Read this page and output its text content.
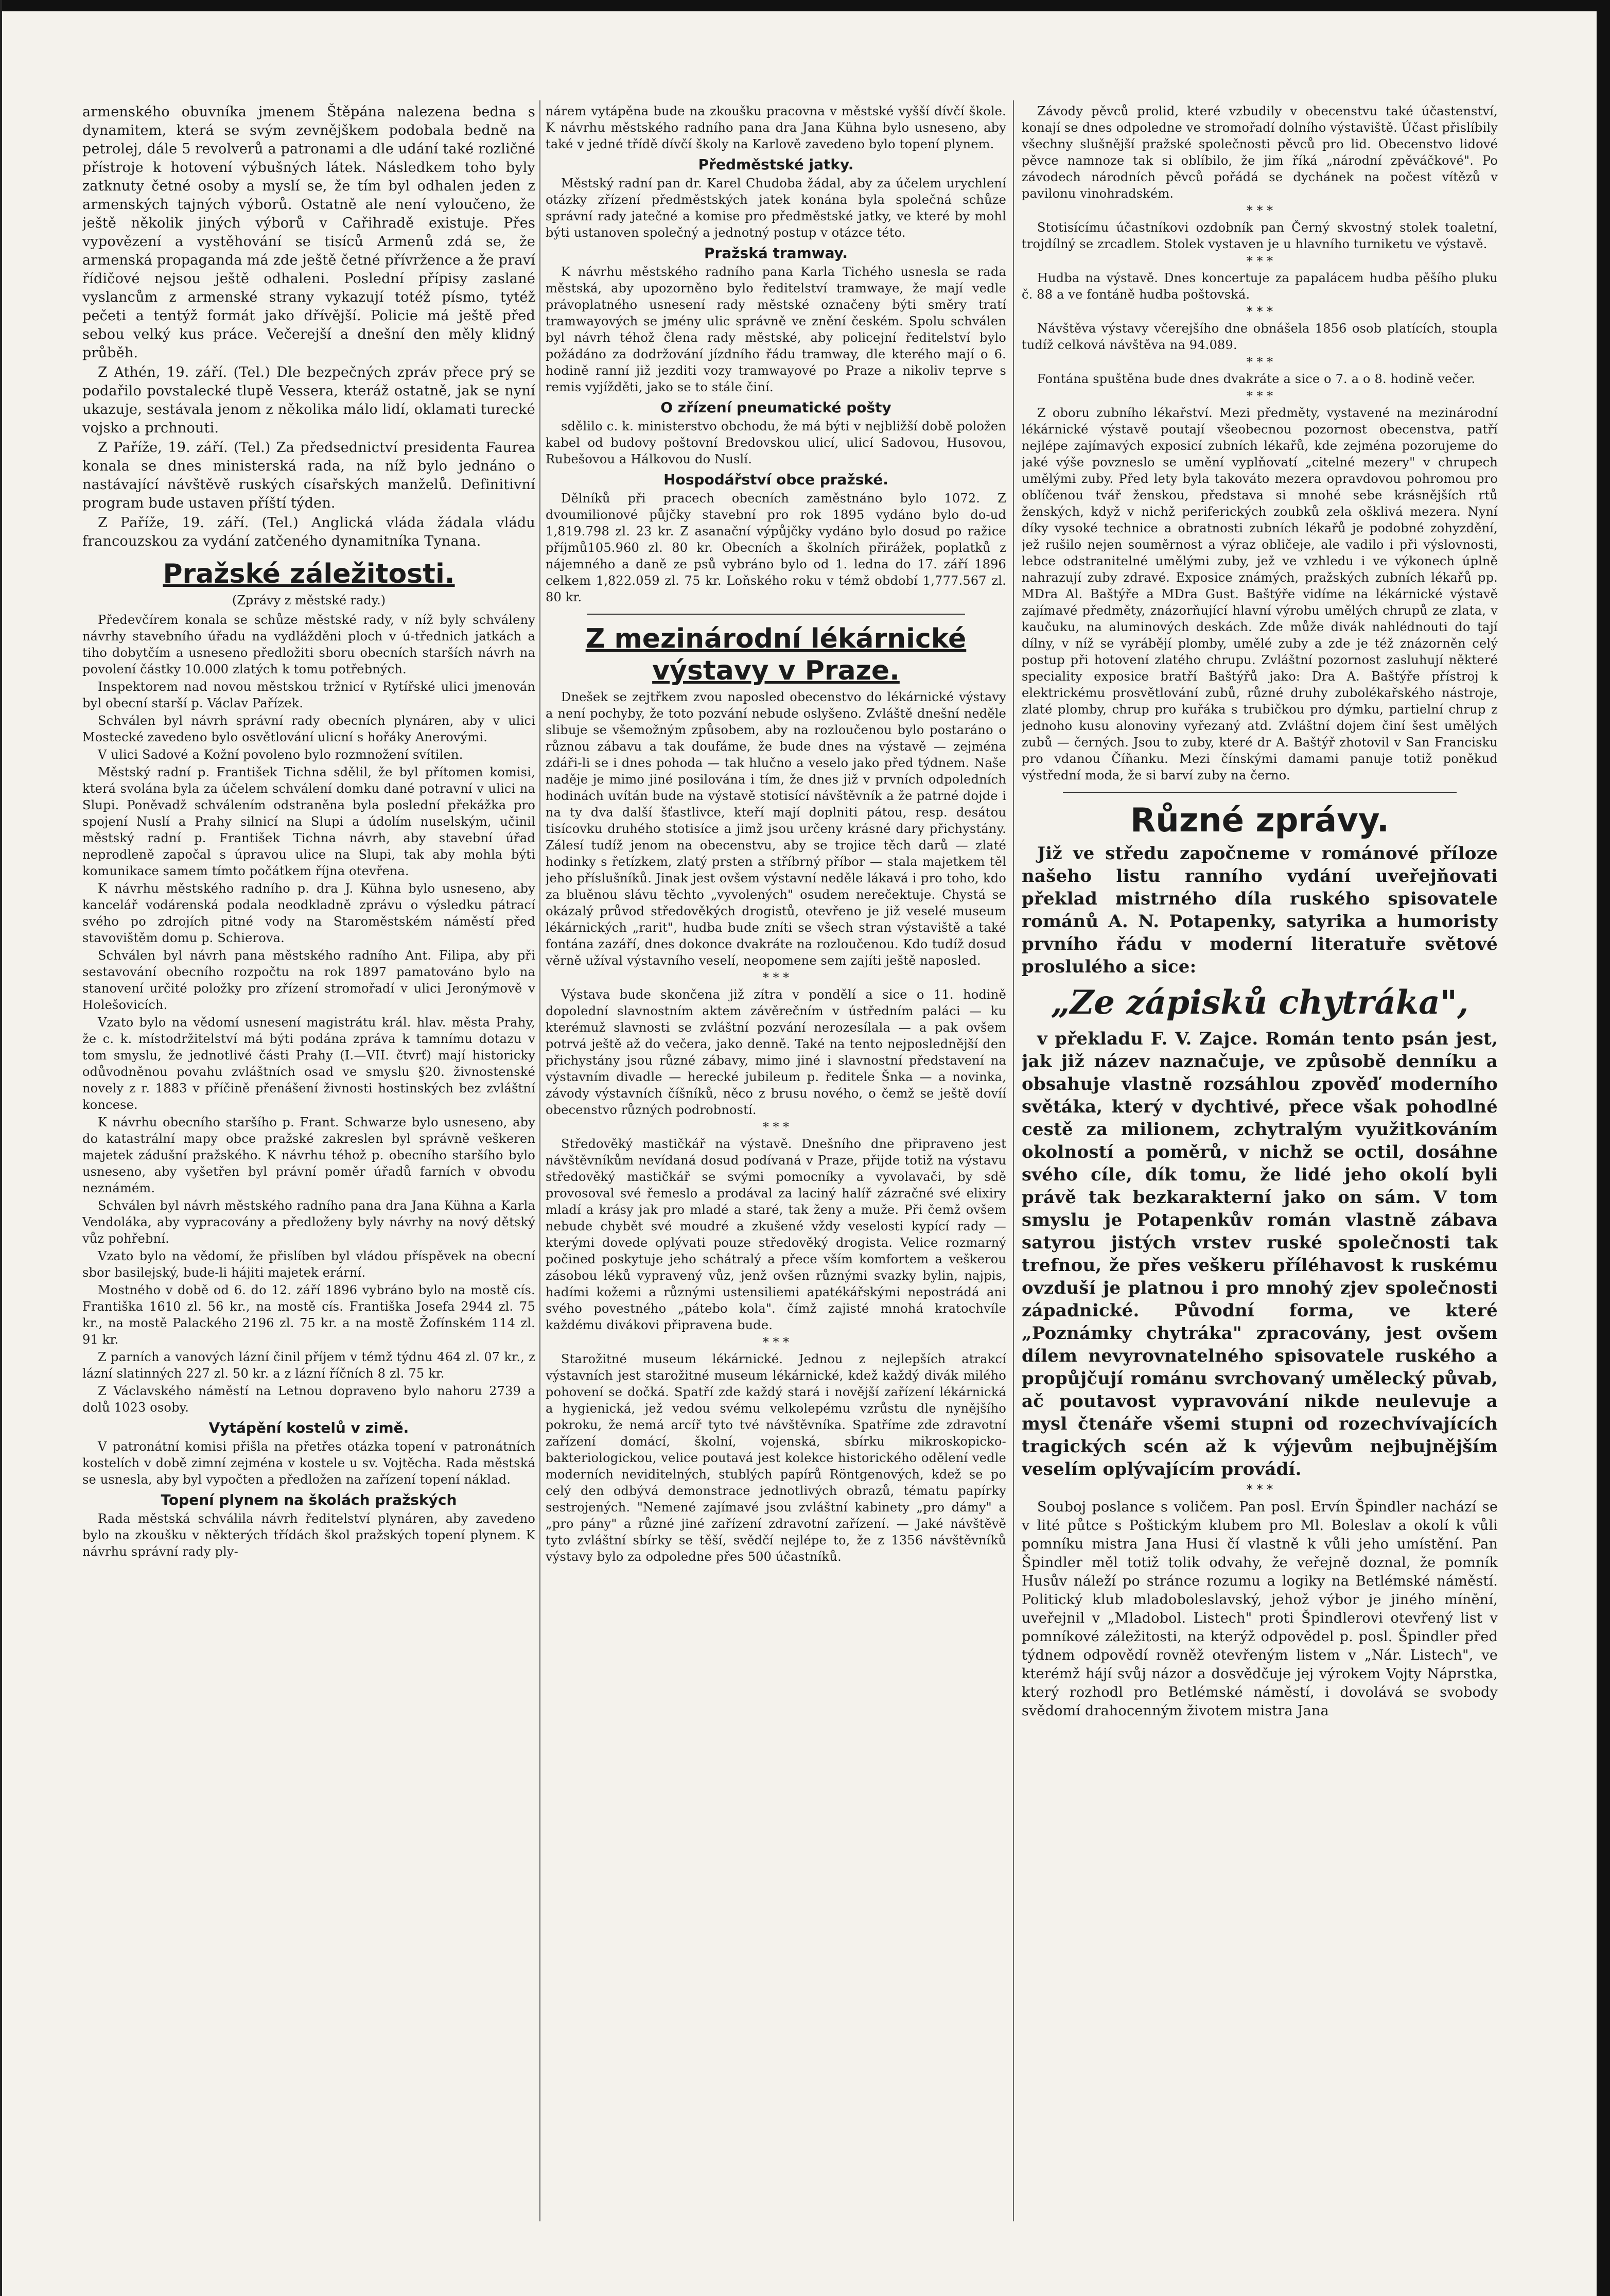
armenského obuvníka jmenem Štěpána nalezena bedna s dynamitem, která se svým zevnějškem podobala bedně na petrolej, dále 5 revolverů a patronami a dle udání také rozličné přístroje k hotovení výbušných látek. Následkem toho byly zatknuty četné osoby a myslí se, že tím byl odhalen jeden z armenských tajných výborů. Ostatně ale není vyloučeno, že ještě několik jiných výborů v Cařihradě existuje. Přes vypovězení a vystěhování se tisíců Armenů zdá se, že armenská propaganda má zde ještě četné přívržence a že praví řídičové nejsou ještě odhaleni. Poslední přípisy zaslané vyslancům z armenské strany vykazují totéž písmo, tytéž pečeti a tentýž formát jako dřívější. Policie má ještě před sebou velký kus práce. Večerejší a dnešní den měly klidný průběh.

Z Athén, 19. září. (Tel.) Dle bezpečných zpráv přece prý se podařilo povstalecké tlupě Vessera, kteráž ostatně, jak se nyní ukazuje, sestávala jenom z několika málo lidí, oklamati turecké vojsko a prchnouti.

Z Paříže, 19. září. (Tel.) Za předsednictví presidenta Faurea konala se dnes ministerská rada, na níž bylo jednáno o nastávající návštěvě ruských císařských manželů. Definitivní program bude ustaven příští týden.

Z Paříže, 19. září. (Tel.) Anglická vláda žádala vládu francouzskou za vydání zatčeného dynamitníka Tynana.

Pražské záležitosti.
(Zprávy z městské rady.)

Předevčírem konala se schůze městské rady, v níž byly schváleny návrhy stavebního úřadu na vydlážděni ploch v ú-třednich jatkách a tiho dobytčím a usneseno předložiti sboru obecních starších návrh na povolení částky 10.000 zlatých k tomu potřebných.

Inspektorem nad novou městskou tržnicí v Rytířské ulici jmenován byl obecní starší p. Václav Pařízek.

Schválen byl návrh správní rady obecních plynáren, aby v ulici Mostecké zavedeno bylo osvětlování ulicní s hořáky Anerovými.

V ulici Sadové a Kožní povoleno bylo rozmnožení svítilen.

Městský radní p. František Tichna sdělil, že byl přítomen komisi, která svolána byla za účelem schválení domku dané potravní v ulici na Slupi. Poněvadž schválením odstraněna byla poslední překážka pro spojení Nuslí a Prahy silnicí na Slupi a údolím nuselským, učinil městský radní p. František Tichna návrh, aby stavební úřad neprodleně započal s úpravou ulice na Slupi, tak aby mohla býti komunikace samem tímto počátkem října otevřena.

K návrhu městského radního p. dra J. Kühna bylo usneseno, aby kancelář vodárenská podala neodkladně zprávu o výsledku pátrací svého po zdrojích pitné vody na Staroměstském náměstí před stavovištěm domu p. Schierova.

Schválen byl návrh pana městského radního Ant. Filipa, aby při sestavování obecního rozpočtu na rok 1897 pamatováno bylo na stanovení určité položky pro zřízení stromořadí v ulici Jeronýmově v Holešovicích.

Vzato bylo na vědomí usnesení magistrátu král. hlav. města Prahy, že c. k. místodržitelství má býti podána zpráva k tamnímu dotazu v tom smyslu, že jednotlivé části Prahy (I.—VII. čtvrť) mají historicky odůvodněnou povahu zvláštních osad ve smyslu §20. živnostenské novely z r. 1883 v příčině přenášení živnosti hostinských bez zvláštní koncese.

K návrhu obecního staršího p. Frant. Schwarze bylo usneseno, aby do katastrální mapy obce pražské zakreslen byl správně veškeren majetek zádušní pražského. K návrhu téhož p. obecního staršího bylo usneseno, aby vyšetřen byl právní poměr úřadů farních v obvodu neznámém.

Schválen byl návrh městského radního pana dra Jana Kühna a Karla Vendoláka, aby vypracovány a předloženy byly návrhy na nový dětský vůz pohřební.

Vzato bylo na vědomí, že přislíben byl vládou příspěvek na obecní sbor basilejský, bude-li hájiti majetek erární.

Mostného v době od 6. do 12. září 1896 vybráno bylo na mostě cís. Františka 1610 zl. 56 kr., na mostě cís. Františka Josefa 2944 zl. 75 kr., na mostě Palackého 2196 zl. 75 kr. a na mostě Žofínském 114 zl. 91 kr.

Z parních a vanových lázní činil příjem v témž týdnu 464 zl. 07 kr., z lázní slatinných 227 zl. 50 kr. a z lázní říčních 8 zl. 75 kr.

Z Václavského náměstí na Letnou dopraveno bylo nahoru 2739 a dolů 1023 osoby.

Vytápění kostelů v zimě.

V patronátní komisi přišla na přetřes otázka topení v patronátních kostelích v době zimní zejména v kostele u sv. Vojtěcha. Rada městská se usnesla, aby byl vypočten a předložen na zařízení topení náklad.

Topení plynem na školách pražských

Rada městská schválila návrh ředitelství plynáren, aby zavedeno bylo na zkoušku v některých třídách škol pražských topení plynem. K návrhu správní rady ply-

nárem vytápěna bude na zkoušku pracovna v městské vyšší dívčí škole. K návrhu městského radního pana dra Jana Kühna bylo usneseno, aby také v jedné třídě dívčí školy na Karlově zavedeno bylo topení plynem.

Předměstské jatky.

Městský radní pan dr. Karel Chudoba žádal, aby za účelem urychlení otázky zřízení předměstských jatek konána byla společná schůze správní rady jatečné a komise pro předměstské jatky, ve které by mohl býti ustanoven společný a jednotný postup v otázce této.

Pražská tramway.

K návrhu městského radního pana Karla Tichého usnesla se rada městská, aby upozorněno bylo ředitelství tramwaye, že mají vedle právoplatného usnesení rady městské označeny býti směry tratí tramwayových se jmény ulic správně ve znění českém. Spolu schválen byl návrh téhož člena rady městské, aby policejní ředitelství bylo požádáno za dodržování jízdního řádu tramway, dle kterého mají o 6. hodině ranní již jezditi vozy tramwayové po Praze a nikoliv teprve s remis vyjížděti, jako se to stále činí.

O zřízení pneumatické pošty

sdělilo c. k. ministerstvo obchodu, že má býti v nejbližší době položen kabel od budovy poštovní Bredovskou ulicí, ulicí Sadovou, Husovou, Rubešovou a Hálkovou do Nuslí.

Hospodářství obce pražské.

Dělníků při pracech obecních zaměstnáno bylo 1072. Z dvoumilionové půjčky stavební pro rok 1895 vydáno bylo do-ud 1,819.798 zl. 23 kr. Z asanační výpůjčky vydáno bylo dosud po ražice příjmů105.960 zl. 80 kr. Obecních a školních přirážek, poplatků z nájemného a daně ze psů vybráno bylo od 1. ledna do 17. září 1896 celkem 1,822.059 zl. 75 kr. Loňského roku v témž období 1,777.567 zl. 80 kr.

Z mezinárodní lékárnické výstavy v Praze.

Dnešek se zejtřkem zvou naposled obecenstvo do lékárnické výstavy a není pochyby, že toto pozvání nebude oslyšeno. Zvláště dnešní neděle slibuje se všemožným způsobem, aby na rozloučenou bylo postaráno o různou zábavu a tak doufáme, že bude dnes na výstavě — zejména zdáři-li se i dnes pohoda — tak hlučno a veselo jako před týdnem. Naše naděje je mimo jiné posilována i tím, že dnes již v prvních odpoledních hodinách uvítán bude na výstavě stotisící návštěvník a že patrné dojde i na ty dva další šťastlivce, kteří mají doplniti pátou, resp. desátou tisícovku druhého stotisíce a jimž jsou určeny krásné dary přichystány. Zálesí tudíž jenom na obecenstvu, aby se trojice těch darů — zlaté hodinky s řetízkem, zlatý prsten a stříbrný příbor — stala majetkem těl jeho příslušníků. Jinak jest ovšem výstavní neděle lákavá i pro toho, kdo za bluěnou slávu těchto „vyvolených" osudem nerečektuje. Chystá se okázalý průvod středověkých drogistů, otevřeno je již veselé museum lékárnických „rarit", hudba bude zníti se všech stran výstaviště a také fontána zazáří, dnes dokonce dvakráte na rozloučenou. Kdo tudíž dosud věrně užíval výstavního veselí, neopomene sem zajíti ještě naposled.

* * *

Výstava bude skončena již zítra v pondělí a sice o 11. hodině dopolední slavnostním aktem závěrečním v ústředním paláci — ku kterémuž slavnosti se zvláštní pozvání nerozesílala — a pak ovšem potrvá ještě až do večera, jako denně. Také na tento nejposlednější den přichystány jsou různé zábavy, mimo jiné i slavnostní představení na výstavním divadle — herecké jubileum p. ředitele Šnka — a novinka, závody výstavních číšníků, něco z brusu nového, o čemž se ještě dovíí obecenstvo různých podrobností.

* * *

Středověký mastičkář na výstavě. Dnešního dne připraveno jest návštěvníkům nevídaná dosud podívaná v Praze, přijde totiž na výstavu středověký mastičkář se svými pomocníky a vyvolavači, by sdě provosoval své řemeslo a prodával za laciný halíř zázračné své elixiry mladí a krásy jak pro mladé a staré, tak ženy a muže. Při čemž ovšem nebude chybět své moudré a zkušené vždy veselosti kypící rady — kterými dovede oplývati pouze středověký drogista. Velice rozmarný počined poskytuje jeho schátralý a přece vším komfortem a veškerou zásobou léků vypravený vůz, jenž ovšen různými svazky bylin, najpis, hadími kožemi a různými ustensiliemi apatékářskými nepostrádá ani svého povestného „pátebo kola". čímž zajisté mnohá kratochvíle každému divákovi připravena bude.

* * *

Starožitné museum lékárnické. Jednou z nejlepších atrakcí výstavních jest starožitné museum lékárnické, kdež každý divák milého pohovení se dočká. Spatří zde každý stará i novější zařízení lékárnická a hygienická, jež vedou svému velkolepému vzrůstu dle nynějšího pokroku, že nemá arcíř tyto tvé návštěvníka. Spatříme zde zdravotní zařízení domácí, školní, vojenská, sbírku mikroskopicko-bakteriologickou, velice poutavá jest kolekce historického odělení vedle moderních neviditelných, stublých papírů Röntgenových, kdež se po celý den odbývá demonstrace jednotlivých obrazů, tématu papírky sestrojených. "Nemené zajímavé jsou zvláštní kabinety „pro dámy" a „pro pány" a různé jiné zařízení zdravotní zařízení. — Jaké návštěvě tyto zvláštní sbírky se těší, svědčí nejlépe to, že z 1356 návštěvníků výstavy bylo za odpoledne přes 500 účastníků.

Závody pěvců prolid, které vzbudily v obecenstvu také účastenství, konají se dnes odpoledne ve stromořadí dolního výstaviště. Účast přislíbily všechny slušnější pražské společnosti pěvců pro lid. Obecenstvo lidové pěvce namnoze tak si oblíbilo, že jim říká „národní zpěváčkové". Po závodech národních pěvců pořádá se dychánek na počest vítězů v pavilonu vinohradském.

* * *

Stotisícímu účastníkovi ozdobník pan Černý skvostný stolek toaletní, trojdílný se zrcadlem. Stolek vystaven je u hlavního turniketu ve výstavě.

* * *

Hudba na výstavě. Dnes koncertuje za papalácem hudba pěšího pluku č. 88 a ve fontáně hudba poštovská.

* * *

Návštěva výstavy včerejšího dne obnášela 1856 osob platících, stoupla tudíž celková návštěva na 94.089.

* * *

Fontána spuštěna bude dnes dvakráte a sice o 7. a o 8. hodině večer.

* * *

Z oboru zubního lékařství. Mezi předměty, vystavené na mezinárodní lékárnické výstavě poutají všeobecnou pozornost obecenstva, patří nejlépe zajímavých exposicí zubních lékařů, kde zejména pozorujeme do jaké výše povzneslo se umění vyplňovatí „citelné mezery" v chrupech umělými zuby. Před lety byla takováto mezera opravdovou pohromou pro oblíčenou tvář ženskou, představa si mnohé sebe krásnějších rtů ženských, když v nichž periferických zoubků zela ošklivá mezera. Nyní díky vysoké technice a obratnosti zubních lékařů je podobné zohyzdění, jež rušilo nejen souměrnost a výraz obličeje, ale vadilo i při výslovnosti, lebce odstranitelné umělými zuby, jež ve vzhledu i ve výkonech úplně nahrazují zuby zdravé. Exposice známých, pražských zubních lékařů pp. MDra Al. Baštýře a MDra Gust. Baštýře vidíme na lékárnické výstavě zajímavé předměty, znázorňující hlavní výrobu umělých chrupů ze zlata, v kaučuku, na aluminových deskách. Zde může divák nahlédnouti do tají dílny, v níž se vyrábějí plomby, umělé zuby a zde je též znázorněn celý postup při hotovení zlatého chrupu. Zvláštní pozornost zasluhují některé speciality exposice bratří Baštýřů jako: Dra A. Baštýře přístroj k elektrickému prosvětlování zubů, různé druhy zubolékařského nástroje, zlaté plomby, chrup pro kuřáka s trubičkou pro dýmku, partielní chrup z jednoho kusu alonoviny vyřezaný atd. Zvláštní dojem činí šest umělých zubů — černých. Jsou to zuby, které dr A. Baštýř zhotovil v San Francisku pro vdanou Číňanku. Mezi čínskými damami panuje totiž poněkud výstřední moda, že si barví zuby na černo.

Různé zprávy.

Již ve středu započneme v románové příloze našeho listu ranního vydání uveřejňovati překlad mistrného díla ruského spisovatele románů A. N. Potapenky, satyrika a humoristy prvního řádu v moderní literatuře světové proslulého a sice:

„Ze zápisků chytráka",

v překladu F. V. Zajce. Román tento psán jest, jak již název naznačuje, ve způsobě denníku a obsahuje vlastně rozsáhlou zpověď moderního světáka, který v dychtivé, přece však pohodlné cestě za milionem, zchytralým využitkováním okolností a poměrů, v nichž se octil, dosáhne svého cíle, dík tomu, že lidé jeho okolí byli právě tak bezkarakterní jako on sám. V tom smyslu je Potapenkův román vlastně zábava satyrou jistých vrstev ruské společnosti tak trefnou, že přes veškeru příléhavost k ruskému ovzduší je platnou i pro mnohý zjev společnosti západnické. Původní forma, ve které „Poznámky chytráka" zpracovány, jest ovšem dílem nevyrovnatelného spisovatele ruského a propůjčují románu svrchovaný umělecký půvab, ač poutavost vypravování nikde neulevuje a mysl čtenáře všemi stupni od rozechvívajících tragických scén až k výjevům nejbujnějším veselím oplývajícím provádí.

* * *

Souboj poslance s voličem. Pan posl. Ervín Špindler nachází se v lité půtce s Poštickým klubem pro Ml. Boleslav a okolí k vůli pomníku mistra Jana Husi čí vlastně k vůli jeho umístění. Pan Špindler měl totiž tolik odvahy, že veřejně doznal, že pomník Husův náleží po stránce rozumu a logiky na Betlémské náměstí. Politický klub mladoboleslavský, jehož výbor je jiného mínění, uveřejnil v „Mladobol. Listech" proti Špindlerovi otevřený list v pomníkové záležitosti, na kterýž odpovědel p. posl. Špindler před týdnem odpovědí rovněž otevřeným listem v „Nár. Listech", ve kterémž hájí svůj názor a dosvědčuje jej výrokem Vojty Náprstka, který rozhodl pro Betlémské náměstí, i dovolává se svobody svědomí drahocenným životem mistra Jana
